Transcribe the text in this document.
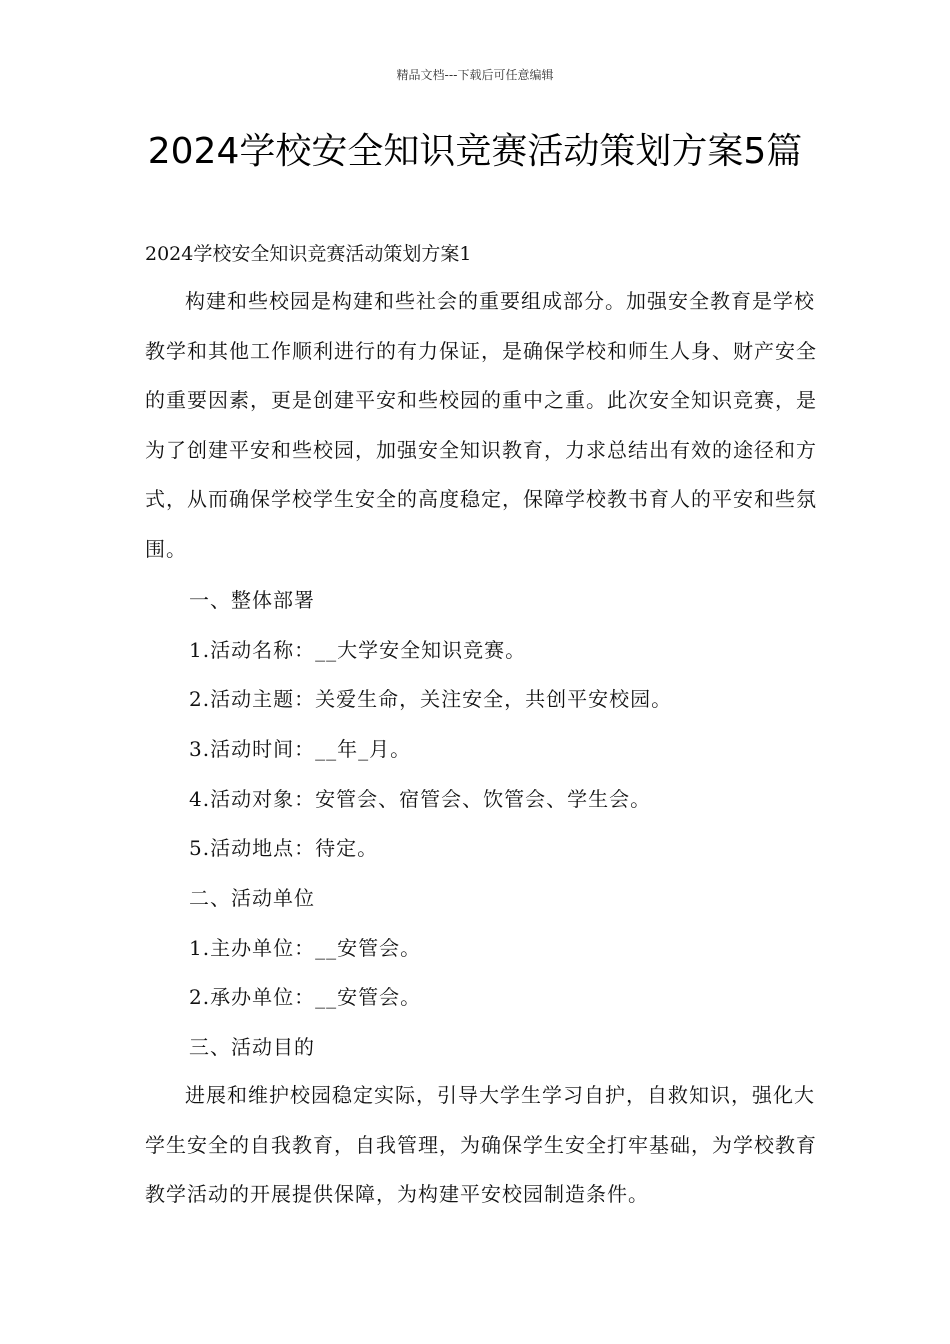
精品文档---下载后可任意编辑
2024学校安全知识竞赛活动策划方案5篇
2024学校安全知识竞赛活动策划方案1
构建和些校园是构建和些社会的重要组成部分。加强安全教育是学校教学和其他工作顺利进行的有力保证，是确保学校和师生人身、财产安全的重要因素，更是创建平安和些校园的重中之重。此次安全知识竞赛，是为了创建平安和些校园，加强安全知识教育，力求总结出有效的途径和方式，从而确保学校学生安全的高度稳定，保障学校教书育人的平安和些氛围。
一、整体部署
1.活动名称：__大学安全知识竞赛。
2.活动主题：关爱生命，关注安全，共创平安校园。
3.活动时间：__年_月。
4.活动对象：安管会、宿管会、饮管会、学生会。
5.活动地点：待定。
二、活动单位
1.主办单位：__安管会。
2.承办单位：__安管会。
三、活动目的
进展和维护校园稳定实际，引导大学生学习自护，自救知识，强化大学生安全的自我教育，自我管理，为确保学生安全打牢基础，为学校教育教学活动的开展提供保障，为构建平安校园制造条件。
